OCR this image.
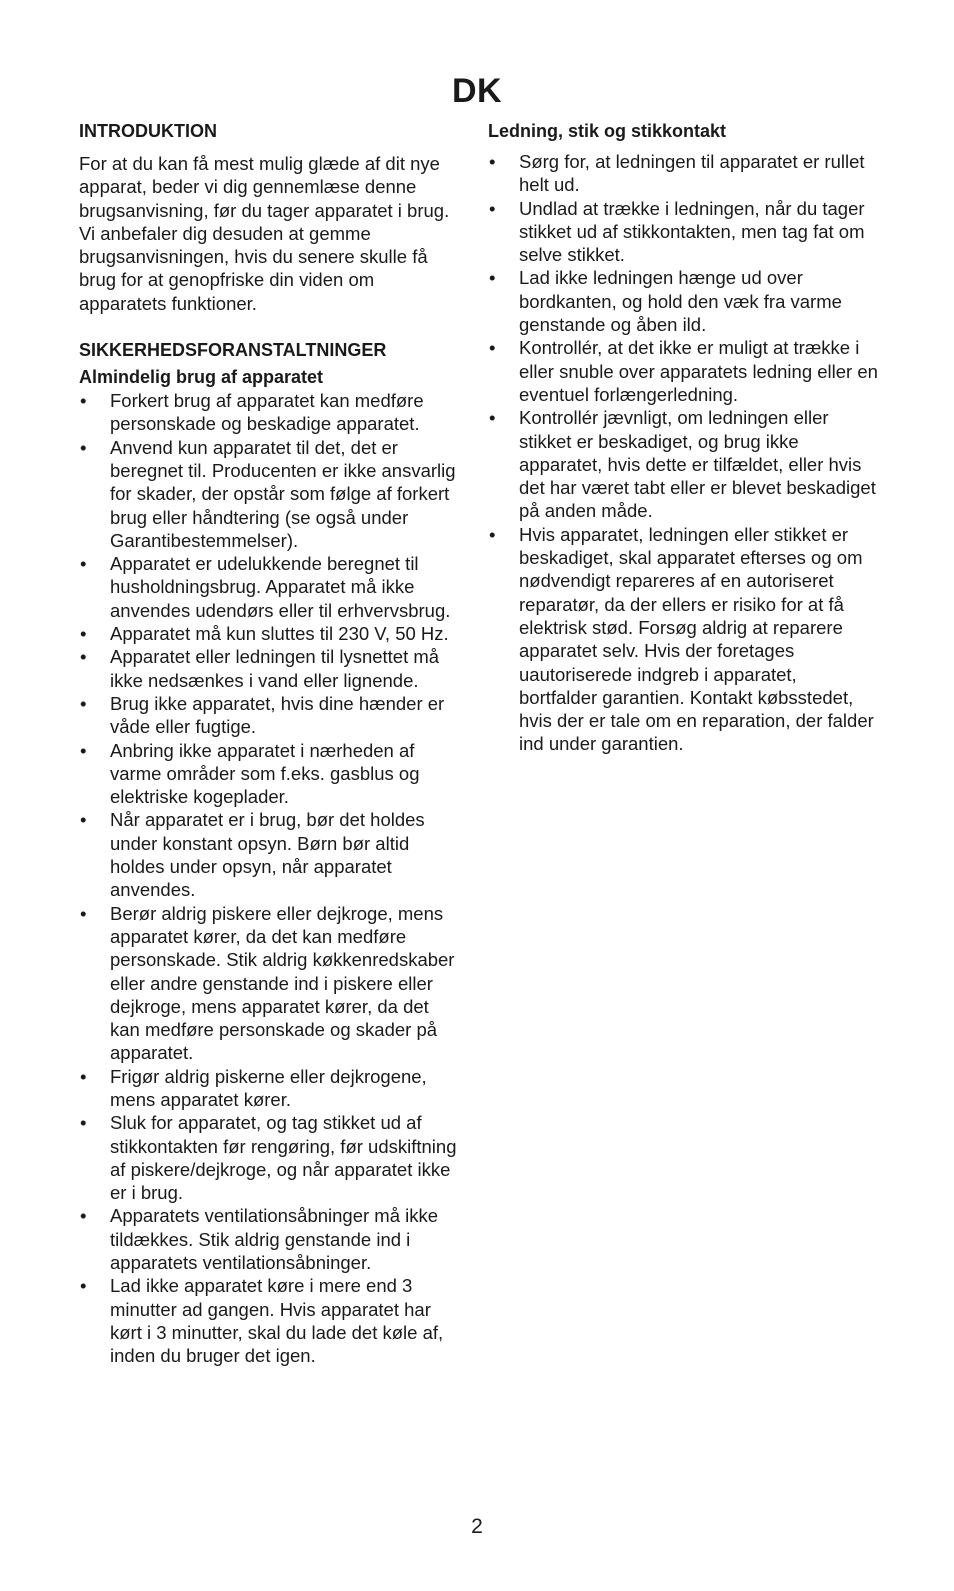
DK
INTRODUKTION

For at du kan få mest mulig glæde af dit nye apparat, beder vi dig gennemlæse denne brugsanvisning, før du tager apparatet i brug. Vi anbefaler dig desuden at gemme brugsanvisningen, hvis du senere skulle få brug for at genopfriske din viden om apparatets funktioner.

SIKKERHEDSFORANSTALTNINGER
Almindelig brug af apparatet
• Forkert brug af apparatet kan medføre personskade og beskadige apparatet.
• Anvend kun apparatet til det, det er beregnet til. Producenten er ikke ansvarlig for skader, der opstår som følge af forkert brug eller håndtering (se også under Garantibestemmelser).
• Apparatet er udelukkende beregnet til husholdningsbrug. Apparatet må ikke anvendes udendørs eller til erhvervsbrug.
• Apparatet må kun sluttes til 230 V, 50 Hz.
• Apparatet eller ledningen til lysnettet må ikke nedsænkes i vand eller lignende.
• Brug ikke apparatet, hvis dine hænder er våde eller fugtige.
• Anbring ikke apparatet i nærheden af varme områder som f.eks. gasblus og elektriske kogeplader.
• Når apparatet er i brug, bør det holdes under konstant opsyn. Børn bør altid holdes under opsyn, når apparatet anvendes.
• Berør aldrig piskere eller dejkroge, mens apparatet kører, da det kan medføre personskade. Stik aldrig køkkenredskaber eller andre genstande ind i piskere eller dejkroge, mens apparatet kører, da det kan medføre personskade og skader på apparatet.
• Frigør aldrig piskerne eller dejkrogene, mens apparatet kører.
• Sluk for apparatet, og tag stikket ud af stikkontakten før rengøring, før udskiftning af piskere/dejkroge, og når apparatet ikke er i brug.
• Apparatets ventilationsåbninger må ikke tildækkes. Stik aldrig genstande ind i apparatets ventilationsåbninger.
• Lad ikke apparatet køre i mere end 3 minutter ad gangen. Hvis apparatet har kørt i 3 minutter, skal du lade det køle af, inden du bruger det igen.
Ledning, stik og stikkontakt
• Sørg for, at ledningen til apparatet er rullet helt ud.
• Undlad at trække i ledningen, når du tager stikket ud af stikkontakten, men tag fat om selve stikket.
• Lad ikke ledningen hænge ud over bordkanten, og hold den væk fra varme genstande og åben ild.
• Kontrollér, at det ikke er muligt at trække i eller snuble over apparatets ledning eller en eventuel forlængerledning.
• Kontrollér jævnligt, om ledningen eller stikket er beskadiget, og brug ikke apparatet, hvis dette er tilfældet, eller hvis det har været tabt eller er blevet beskadiget på anden måde.
• Hvis apparatet, ledningen eller stikket er beskadiget, skal apparatet efterses og om nødvendigt repareres af en autoriseret reparatør, da der ellers er risiko for at få elektrisk stød. Forsøg aldrig at reparere apparatet selv. Hvis der foretages uautoriserede indgreb i apparatet, bortfalder garantien. Kontakt købsstedet, hvis der er tale om en reparation, der falder ind under garantien.
2
